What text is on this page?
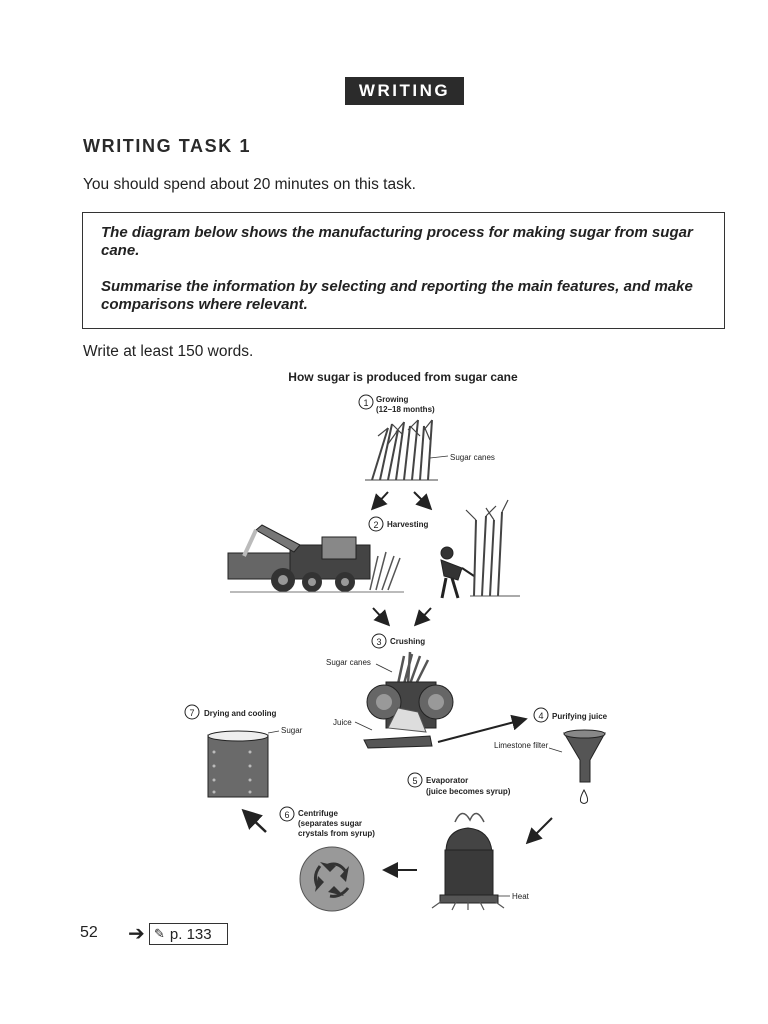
WRITING
WRITING TASK 1
You should spend about 20 minutes on this task.

The diagram below shows the manufacturing process for making sugar from sugar cane.

Summarise the information by selecting and reporting the main features, and make comparisons where relevant.

Write at least 150 words.
How sugar is produced from sugar cane
1 Growing
(12–18 months)
Sugar canes
2 Harvesting
3 Crushing
Sugar canes
Juice
4 Purifying juice
Limestone filter
5 Evaporator
(juice becomes syrup)
Heat
6 Centrifuge
(separates sugar
crystals from syrup)
7 Drying and cooling
Sugar
52 ➔ ✎ p. 133
